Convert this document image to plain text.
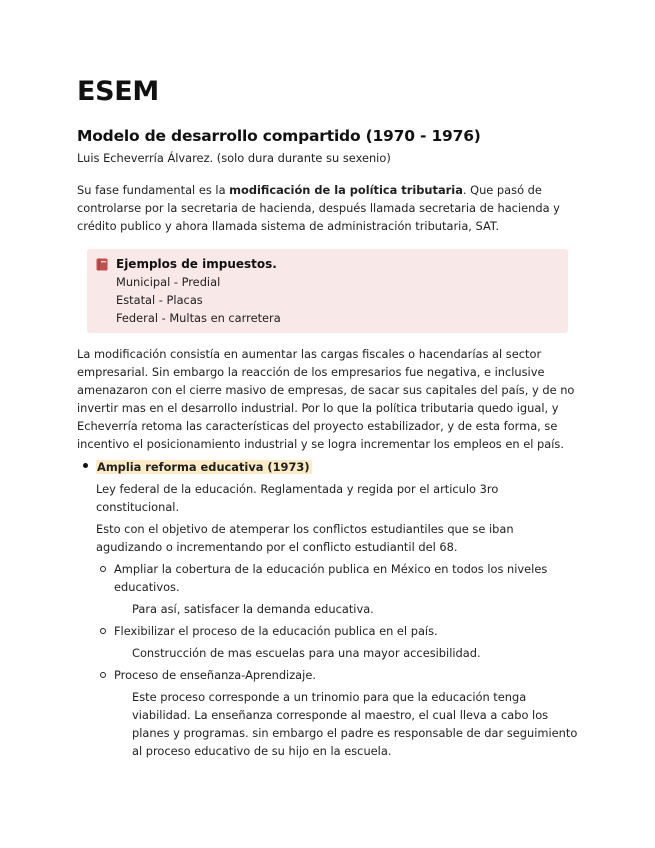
ESEM
Modelo de desarrollo compartido (1970 - 1976)
Luis Echeverría Álvarez. (solo dura durante su sexenio)

Su fase fundamental es la modificación de la política tributaria. Que pasó de controlarse por la secretaria de hacienda, después llamada secretaria de hacienda y crédito publico y ahora llamada sistema de administración tributaria, SAT.

Ejemplos de impuestos.
Municipal - Predial
Estatal - Placas
Federal - Multas en carretera

La modificación consistía en aumentar las cargas fiscales o hacendarías al sector empresarial. Sin embargo la reacción de los empresarios fue negativa, e inclusive amenazaron con el cierre masivo de empresas, de sacar sus capitales del país, y de no invertir mas en el desarrollo industrial. Por lo que la política tributaria quedo igual, y Echeverría retoma las características del proyecto estabilizador, y de esta forma, se incentivo el posicionamiento industrial y se logra incrementar los empleos en el país.

Amplia reforma educativa (1973)

Ley federal de la educación. Reglamentada y regida por el articulo 3ro constitucional.

Esto con el objetivo de atemperar los conflictos estudiantiles que se iban agudizando o incrementando por el conflicto estudiantil del 68.

Ampliar la cobertura de la educación publica en México en todos los niveles educativos.

Para así, satisfacer la demanda educativa.

Flexibilizar el proceso de la educación publica en el país.

Construcción de mas escuelas para una mayor accesibilidad.

Proceso de enseñanza-Aprendizaje.

Este proceso corresponde a un trinomio para que la educación tenga viabilidad. La enseñanza corresponde al maestro, el cual lleva a cabo los planes y programas. sin embargo el padre es responsable de dar seguimiento al proceso educativo de su hijo en la escuela.
